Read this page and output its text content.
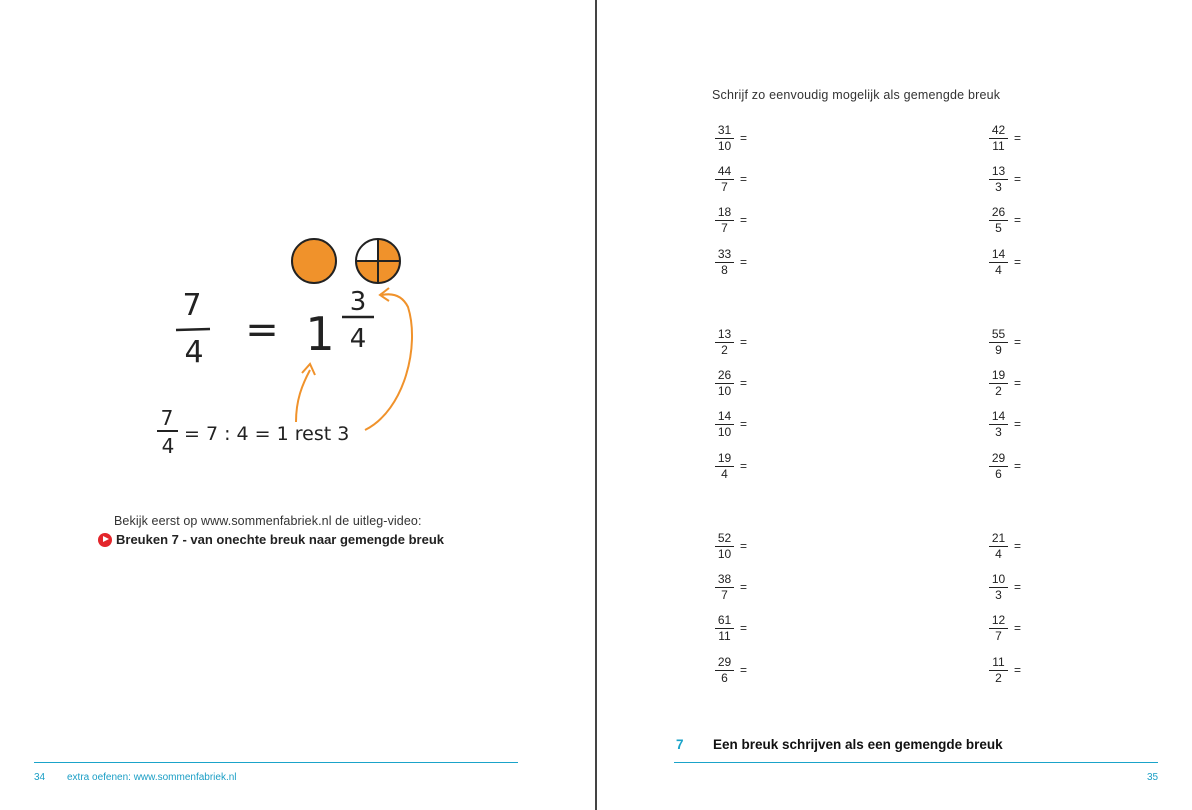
7
4 = 1
3
4
7
4 = 7 : 4 = 1 rest 3
Bekijk eerst op www.sommenfabriek.nl de uitleg-video:
Breuken 7 - van onechte breuk naar gemengde breuk
34 extra oefenen: www.sommenfabriek.nl
Schrijf zo eenvoudig mogelijk als gemengde breuk
$\frac{31}{10}$ =	$\frac{42}{11}$ =
$\frac{44}{7}$ =	$\frac{13}{3}$ =
$\frac{18}{7}$ =	$\frac{26}{5}$ =
$\frac{33}{8}$ =	$\frac{14}{4}$ =
$\frac{13}{2}$ =	$\frac{55}{9}$ =
$\frac{26}{10}$ =	$\frac{19}{2}$ =
$\frac{14}{10}$ =	$\frac{14}{3}$ =
$\frac{19}{4}$ =	$\frac{29}{6}$ =
$\frac{52}{10}$ =	$\frac{21}{4}$ =
$\frac{38}{7}$ =	$\frac{10}{3}$ =
$\frac{61}{11}$ =	$\frac{12}{7}$ =
$\frac{29}{6}$ =	$\frac{11}{2}$ =
7 Een breuk schrijven als een gemengde breuk
35
